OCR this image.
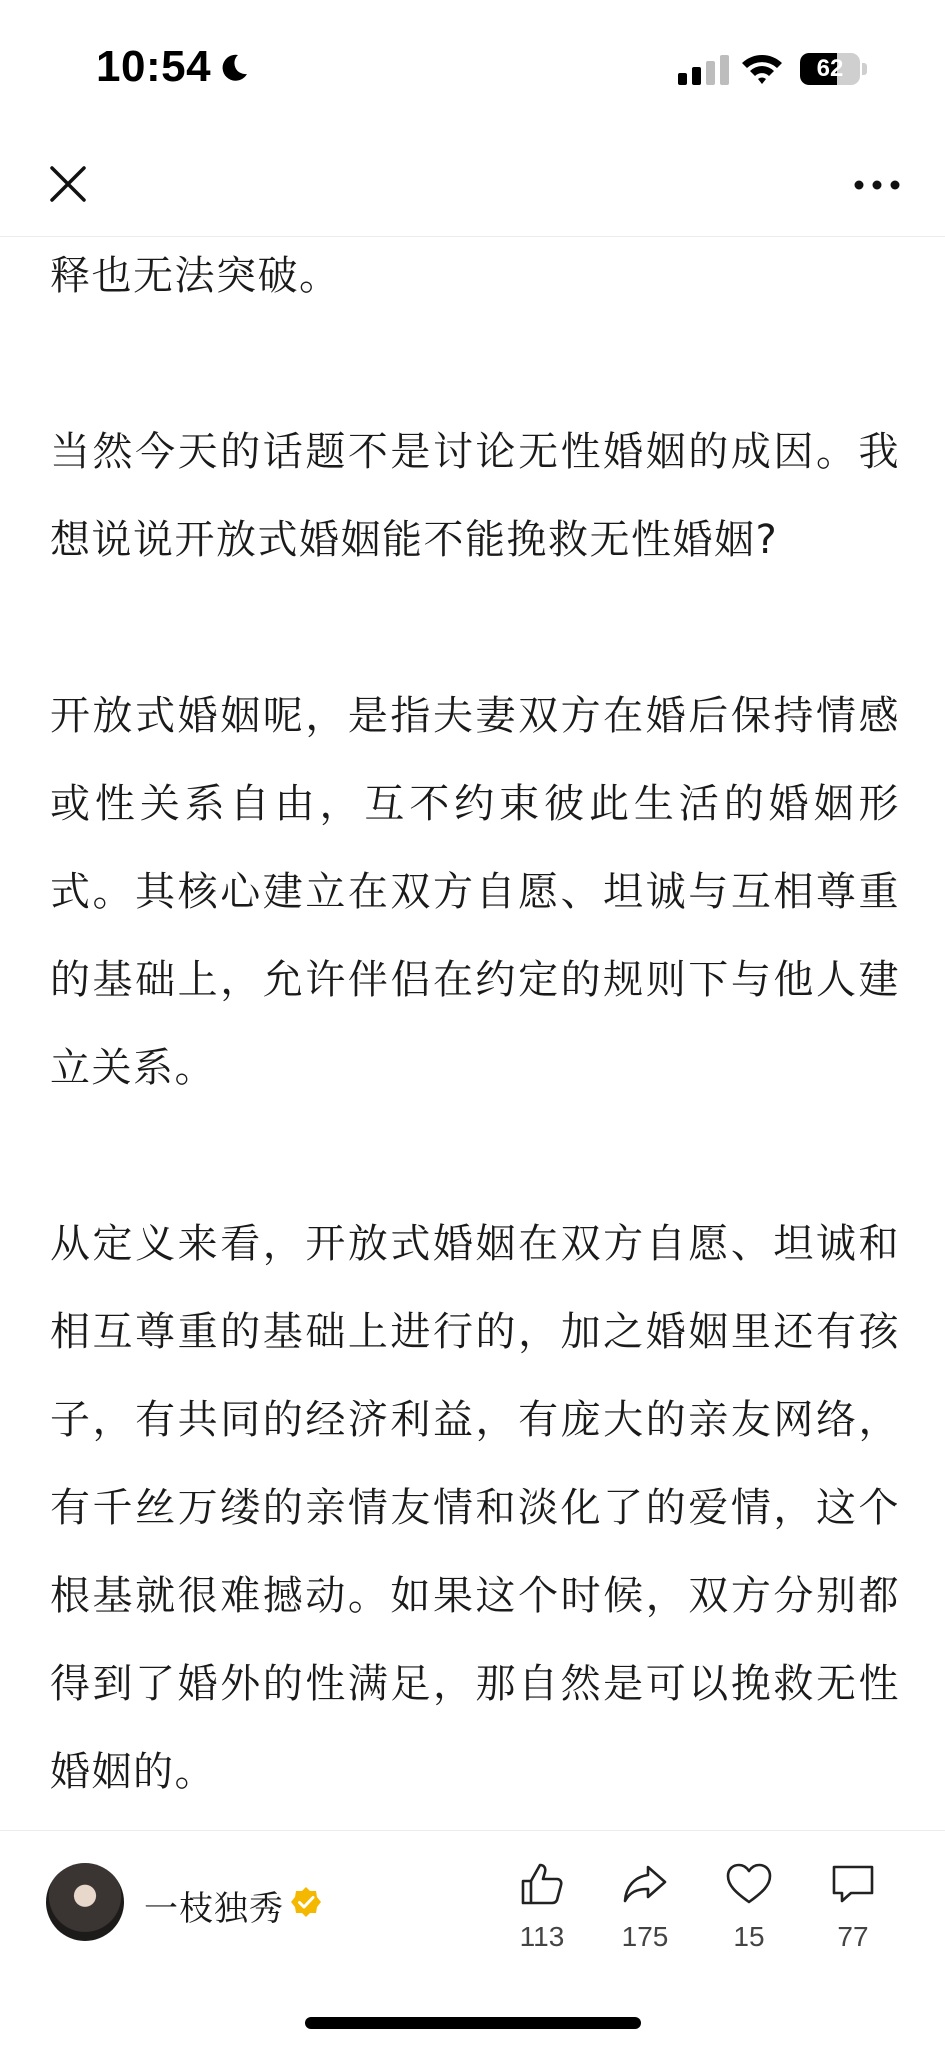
10:54	62

释也无法突破。

当然今天的话题不是讨论无性婚姻的成因。我想说说开放式婚姻能不能挽救无性婚姻?

开放式婚姻呢，是指夫妻双方在婚后保持情感或性关系自由，互不约束彼此生活的婚姻形式。其核心建立在双方自愿、坦诚与互相尊重的基础上，允许伴侣在约定的规则下与他人建立关系。

从定义来看，开放式婚姻在双方自愿、坦诚和相互尊重的基础上进行的，加之婚姻里还有孩子，有共同的经济利益，有庞大的亲友网络，有千丝万缕的亲情友情和淡化了的爱情，这个根基就很难撼动。如果这个时候，双方分别都得到了婚外的性满足，那自然是可以挽救无性婚姻的。

一枝独秀
113	175	15	77
